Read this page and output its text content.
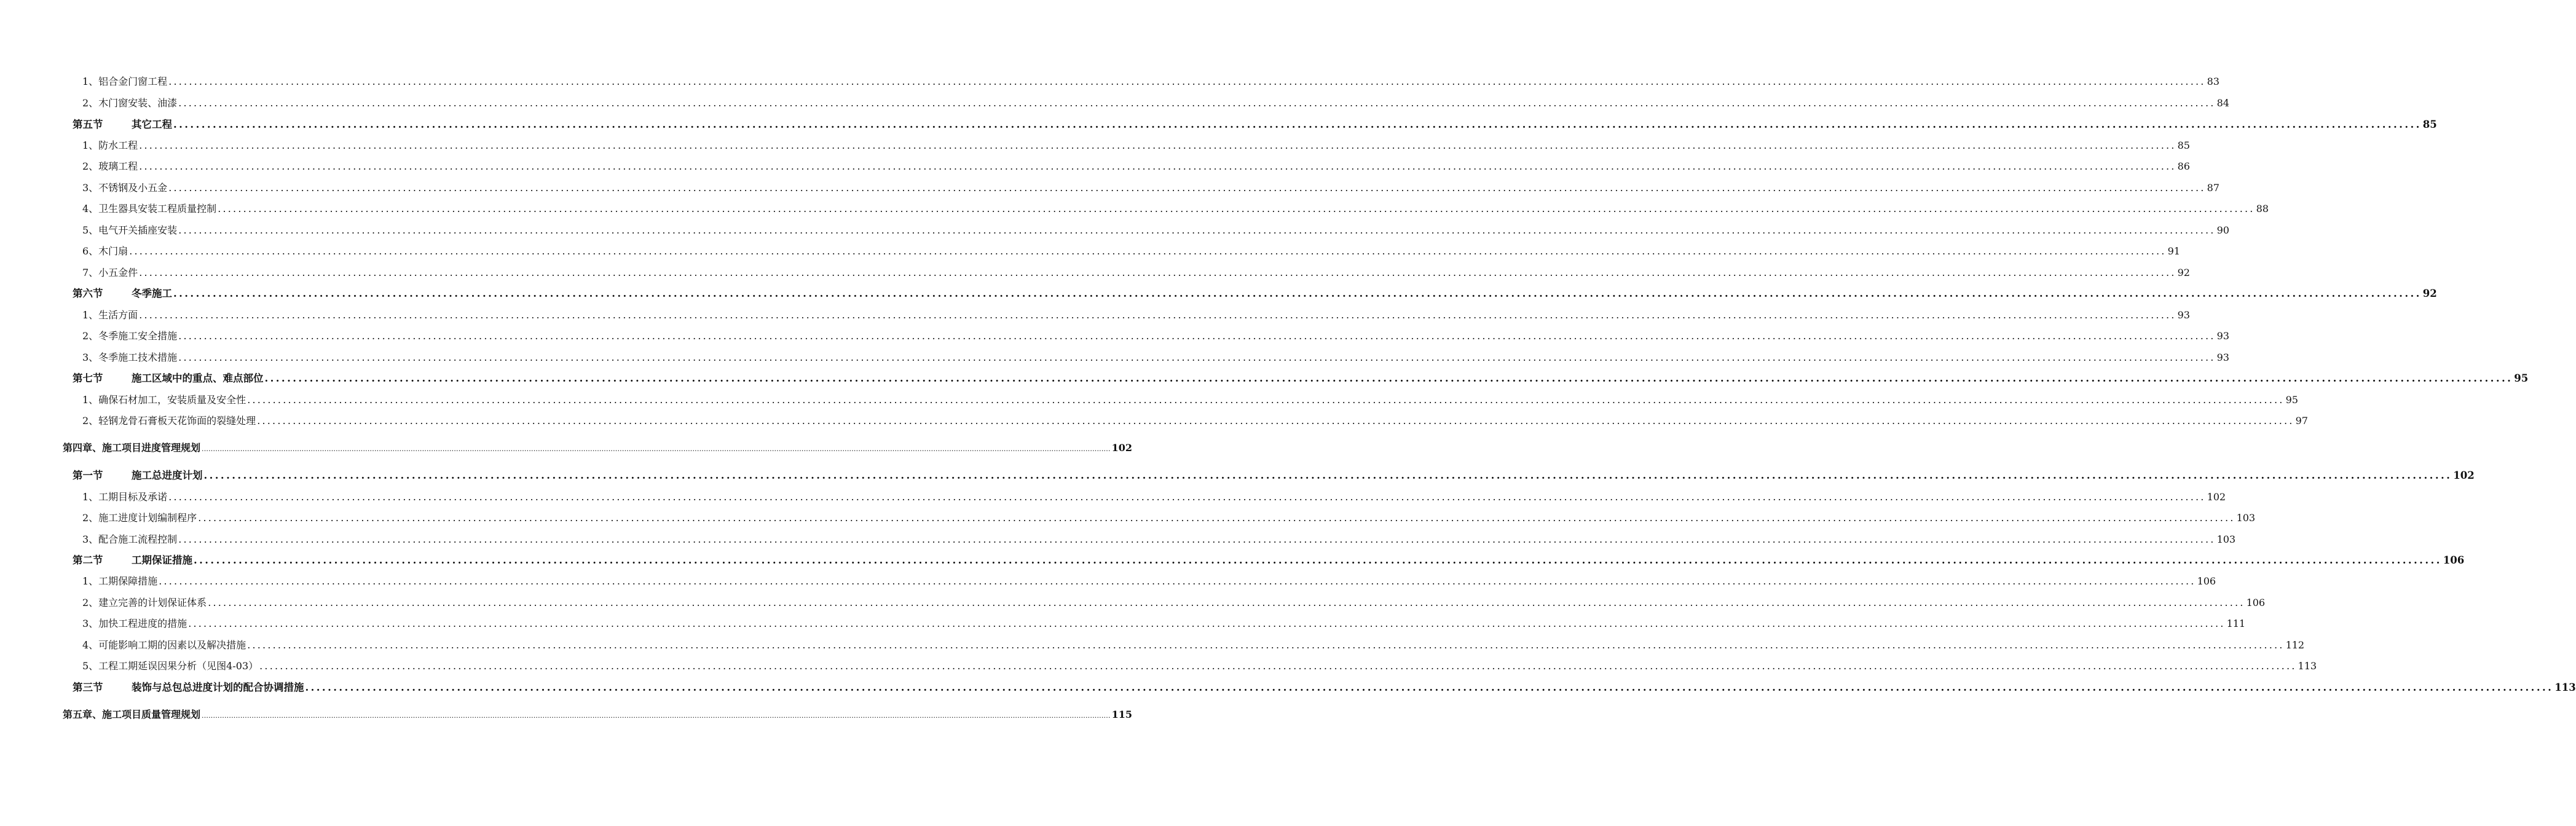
1、铝合金门窗工程 ................................................................................................................................................................................................................................................................................................................................................................................................................ 83
2、木门窗安装、油漆 ................................................................................................................................................................................................................................................................................................................................................................................................................ 84
第五节	其它工程 ................................................................................................................................................................................................................................................................................................................................................................................................................ 85
1、防水工程 ................................................................................................................................................................................................................................................................................................................................................................................................................ 85
2、玻璃工程 ................................................................................................................................................................................................................................................................................................................................................................................................................ 86
3、不锈钢及小五金 ................................................................................................................................................................................................................................................................................................................................................................................................................ 87
4、卫生器具安装工程质量控制 ................................................................................................................................................................................................................................................................................................................................................................................................................ 88
5、电气开关插座安装 ................................................................................................................................................................................................................................................................................................................................................................................................................ 90
6、木门扇 ................................................................................................................................................................................................................................................................................................................................................................................................................ 91
7、小五金件 ................................................................................................................................................................................................................................................................................................................................................................................................................ 92
第六节	冬季施工 ................................................................................................................................................................................................................................................................................................................................................................................................................ 92
1、生活方面 ................................................................................................................................................................................................................................................................................................................................................................................................................ 93
2、冬季施工安全措施 ................................................................................................................................................................................................................................................................................................................................................................................................................ 93
3、冬季施工技术措施 ................................................................................................................................................................................................................................................................................................................................................................................................................ 93
第七节	施工区域中的重点、难点部位 ................................................................................................................................................................................................................................................................................................................................................................................................................ 95
1、确保石材加工，安装质量及安全性 ................................................................................................................................................................................................................................................................................................................................................................................................................ 95
2、轻钢龙骨石膏板天花饰面的裂缝处理 ................................................................................................................................................................................................................................................................................................................................................................................................................ 97
第四章、施工项目进度管理规划 ................................................................................................................................................................................................................................................................................................................................................................................................................ 102
第一节	施工总进度计划 ................................................................................................................................................................................................................................................................................................................................................................................................................ 102
1、工期目标及承诺 ................................................................................................................................................................................................................................................................................................................................................................................................................ 102
2、施工进度计划编制程序 ................................................................................................................................................................................................................................................................................................................................................................................................................ 103
3、配合施工流程控制 ................................................................................................................................................................................................................................................................................................................................................................................................................ 103
第二节	工期保证措施 ................................................................................................................................................................................................................................................................................................................................................................................................................ 106
1、工期保障措施 ................................................................................................................................................................................................................................................................................................................................................................................................................ 106
2、建立完善的计划保证体系 ................................................................................................................................................................................................................................................................................................................................................................................................................ 106
3、加快工程进度的措施 ................................................................................................................................................................................................................................................................................................................................................................................................................ 111
4、可能影响工期的因素以及解决措施 ................................................................................................................................................................................................................................................................................................................................................................................................................ 112
5、工程工期延误因果分析（见图4-03） ................................................................................................................................................................................................................................................................................................................................................................................................................ 113
第三节	装饰与总包总进度计划的配合协调措施 ................................................................................................................................................................................................................................................................................................................................................................................................................ 113
第五章、施工项目质量管理规划 ................................................................................................................................................................................................................................................................................................................................................................................................................ 115
